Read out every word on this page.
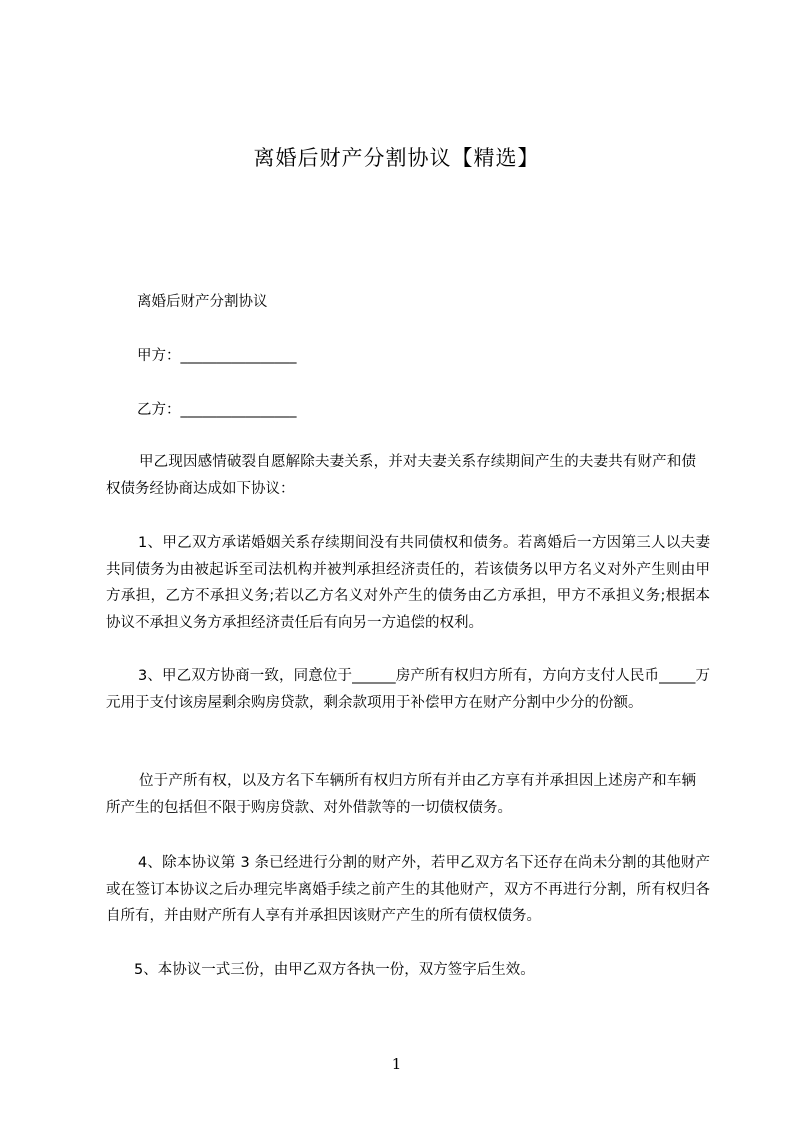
离婚后财产分割协议【精选】

离婚后财产分割协议

甲方：________________

乙方：________________

甲乙现因感情破裂自愿解除夫妻关系，并对夫妻关系存续期间产生的夫妻共有财产和债权债务经协商达成如下协议：

1、甲乙双方承诺婚姻关系存续期间没有共同债权和债务。若离婚后一方因第三人以夫妻共同债务为由被起诉至司法机构并被判承担经济责任的，若该债务以甲方名义对外产生则由甲方承担，乙方不承担义务;若以乙方名义对外产生的债务由乙方承担，甲方不承担义务;根据本协议不承担义务方承担经济责任后有向另一方追偿的权利。

3、甲乙双方协商一致，同意位于______房产所有权归方所有，方向方支付人民币_____万元用于支付该房屋剩余购房贷款，剩余款项用于补偿甲方在财产分割中少分的份额。

位于产所有权，以及方名下车辆所有权归方所有并由乙方享有并承担因上述房产和车辆所产生的包括但不限于购房贷款、对外借款等的一切债权债务。

4、除本协议第 3 条已经进行分割的财产外，若甲乙双方名下还存在尚未分割的其他财产或在签订本协议之后办理完毕离婚手续之前产生的其他财产，双方不再进行分割，所有权归各自所有，并由财产所有人享有并承担因该财产产生的所有债权债务。

5、本协议一式三份，由甲乙双方各执一份，双方签字后生效。

1
